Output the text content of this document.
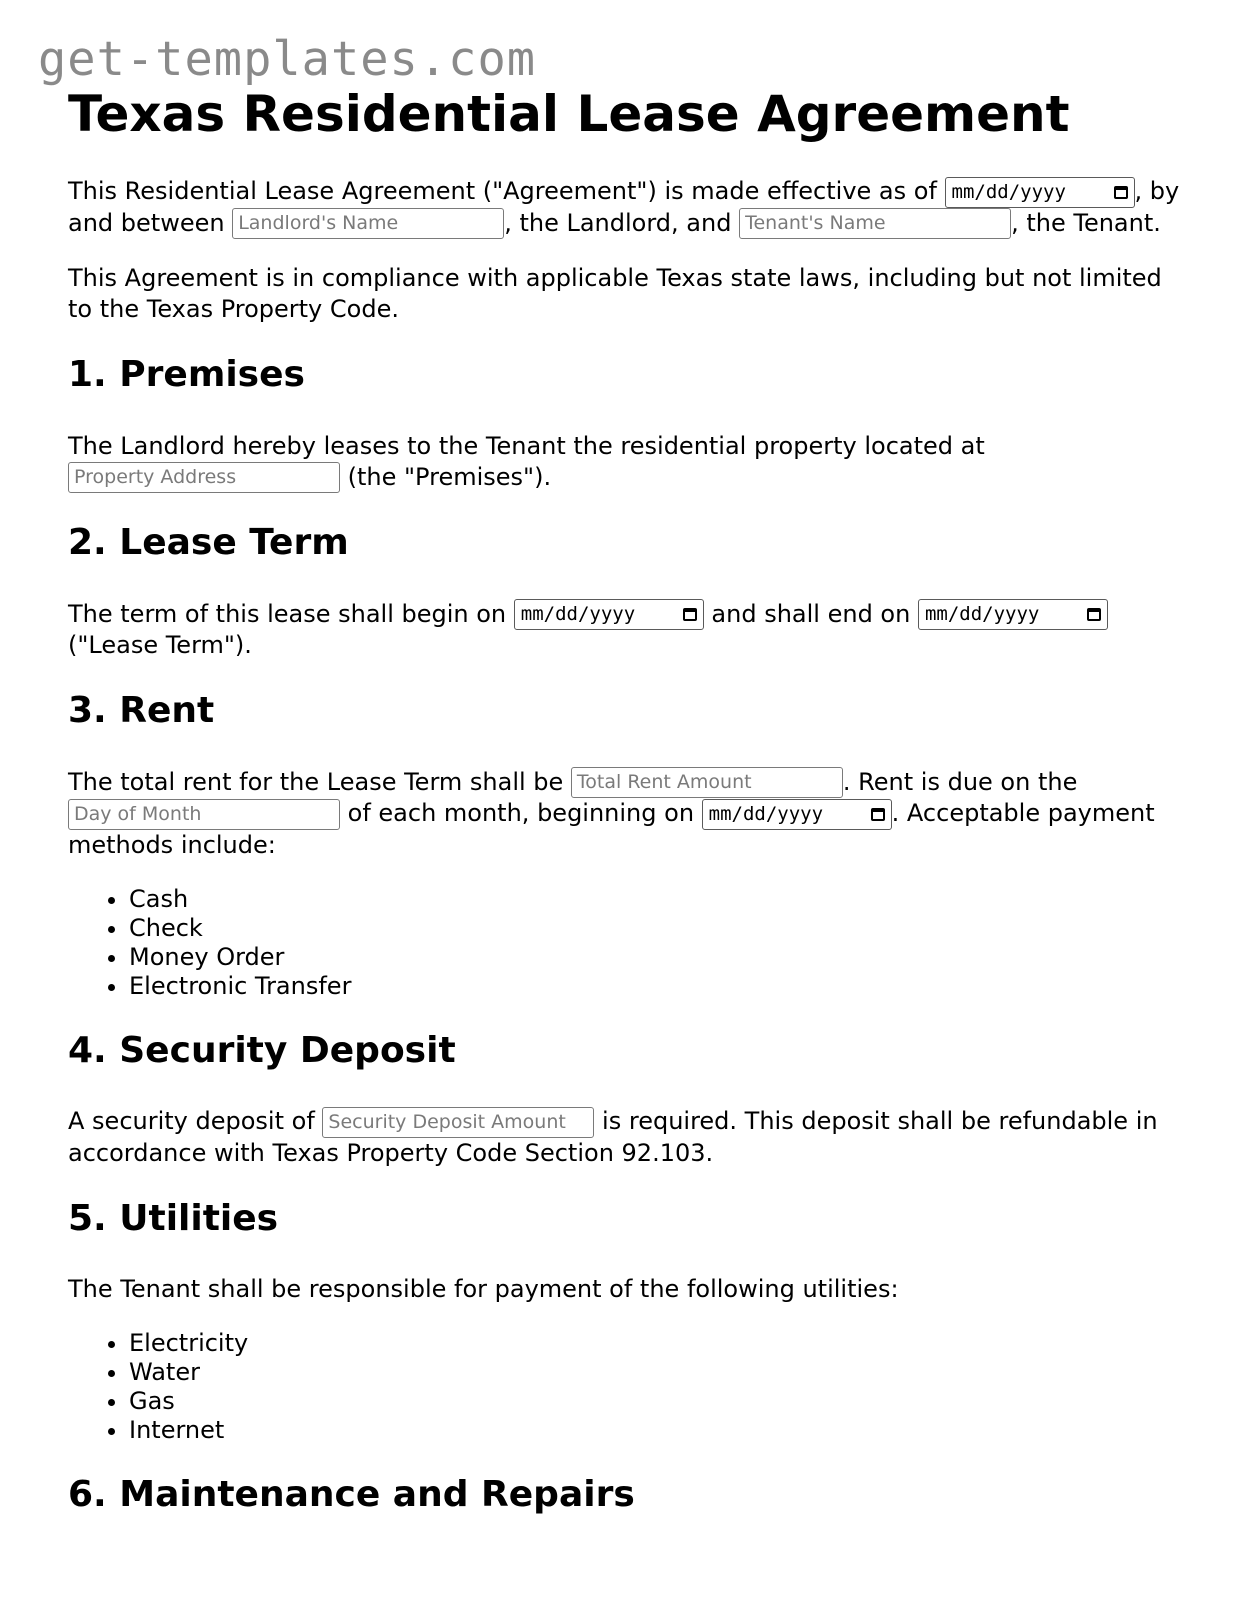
get-templates.com
Texas Residential Lease Agreement

This Residential Lease Agreement ("Agreement") is made effective as of mm/dd/yyyy	, by and between Landlord's Name	, the Landlord, and Tenant's Name	, the Tenant.

This Agreement is in compliance with applicable Texas state laws, including but not limited to the Texas Property Code.

1. Premises

The Landlord hereby leases to the Tenant the residential property located at
Property Address (the "Premises").

2. Lease Term

The term of this lease shall begin on mm/dd/yyyy	and shall end on mm/dd/yyyy

("Lease Term").

3. Rent

The total rent for the Lease Term shall be Total Rent Amount	. Rent is due on the
Day of Month of each month, beginning on mm/dd/yyyy	. Acceptable payment methods include:

• Cash
• Check
• Money Order
• Electronic Transfer
4. Security Deposit

A security deposit of Security Deposit Amount	is required. This deposit shall be refundable in accordance with Texas Property Code Section 92.103.

5. Utilities

The Tenant shall be responsible for payment of the following utilities:

• Electricity
• Water
• Gas
• Internet
6. Maintenance and Repairs
